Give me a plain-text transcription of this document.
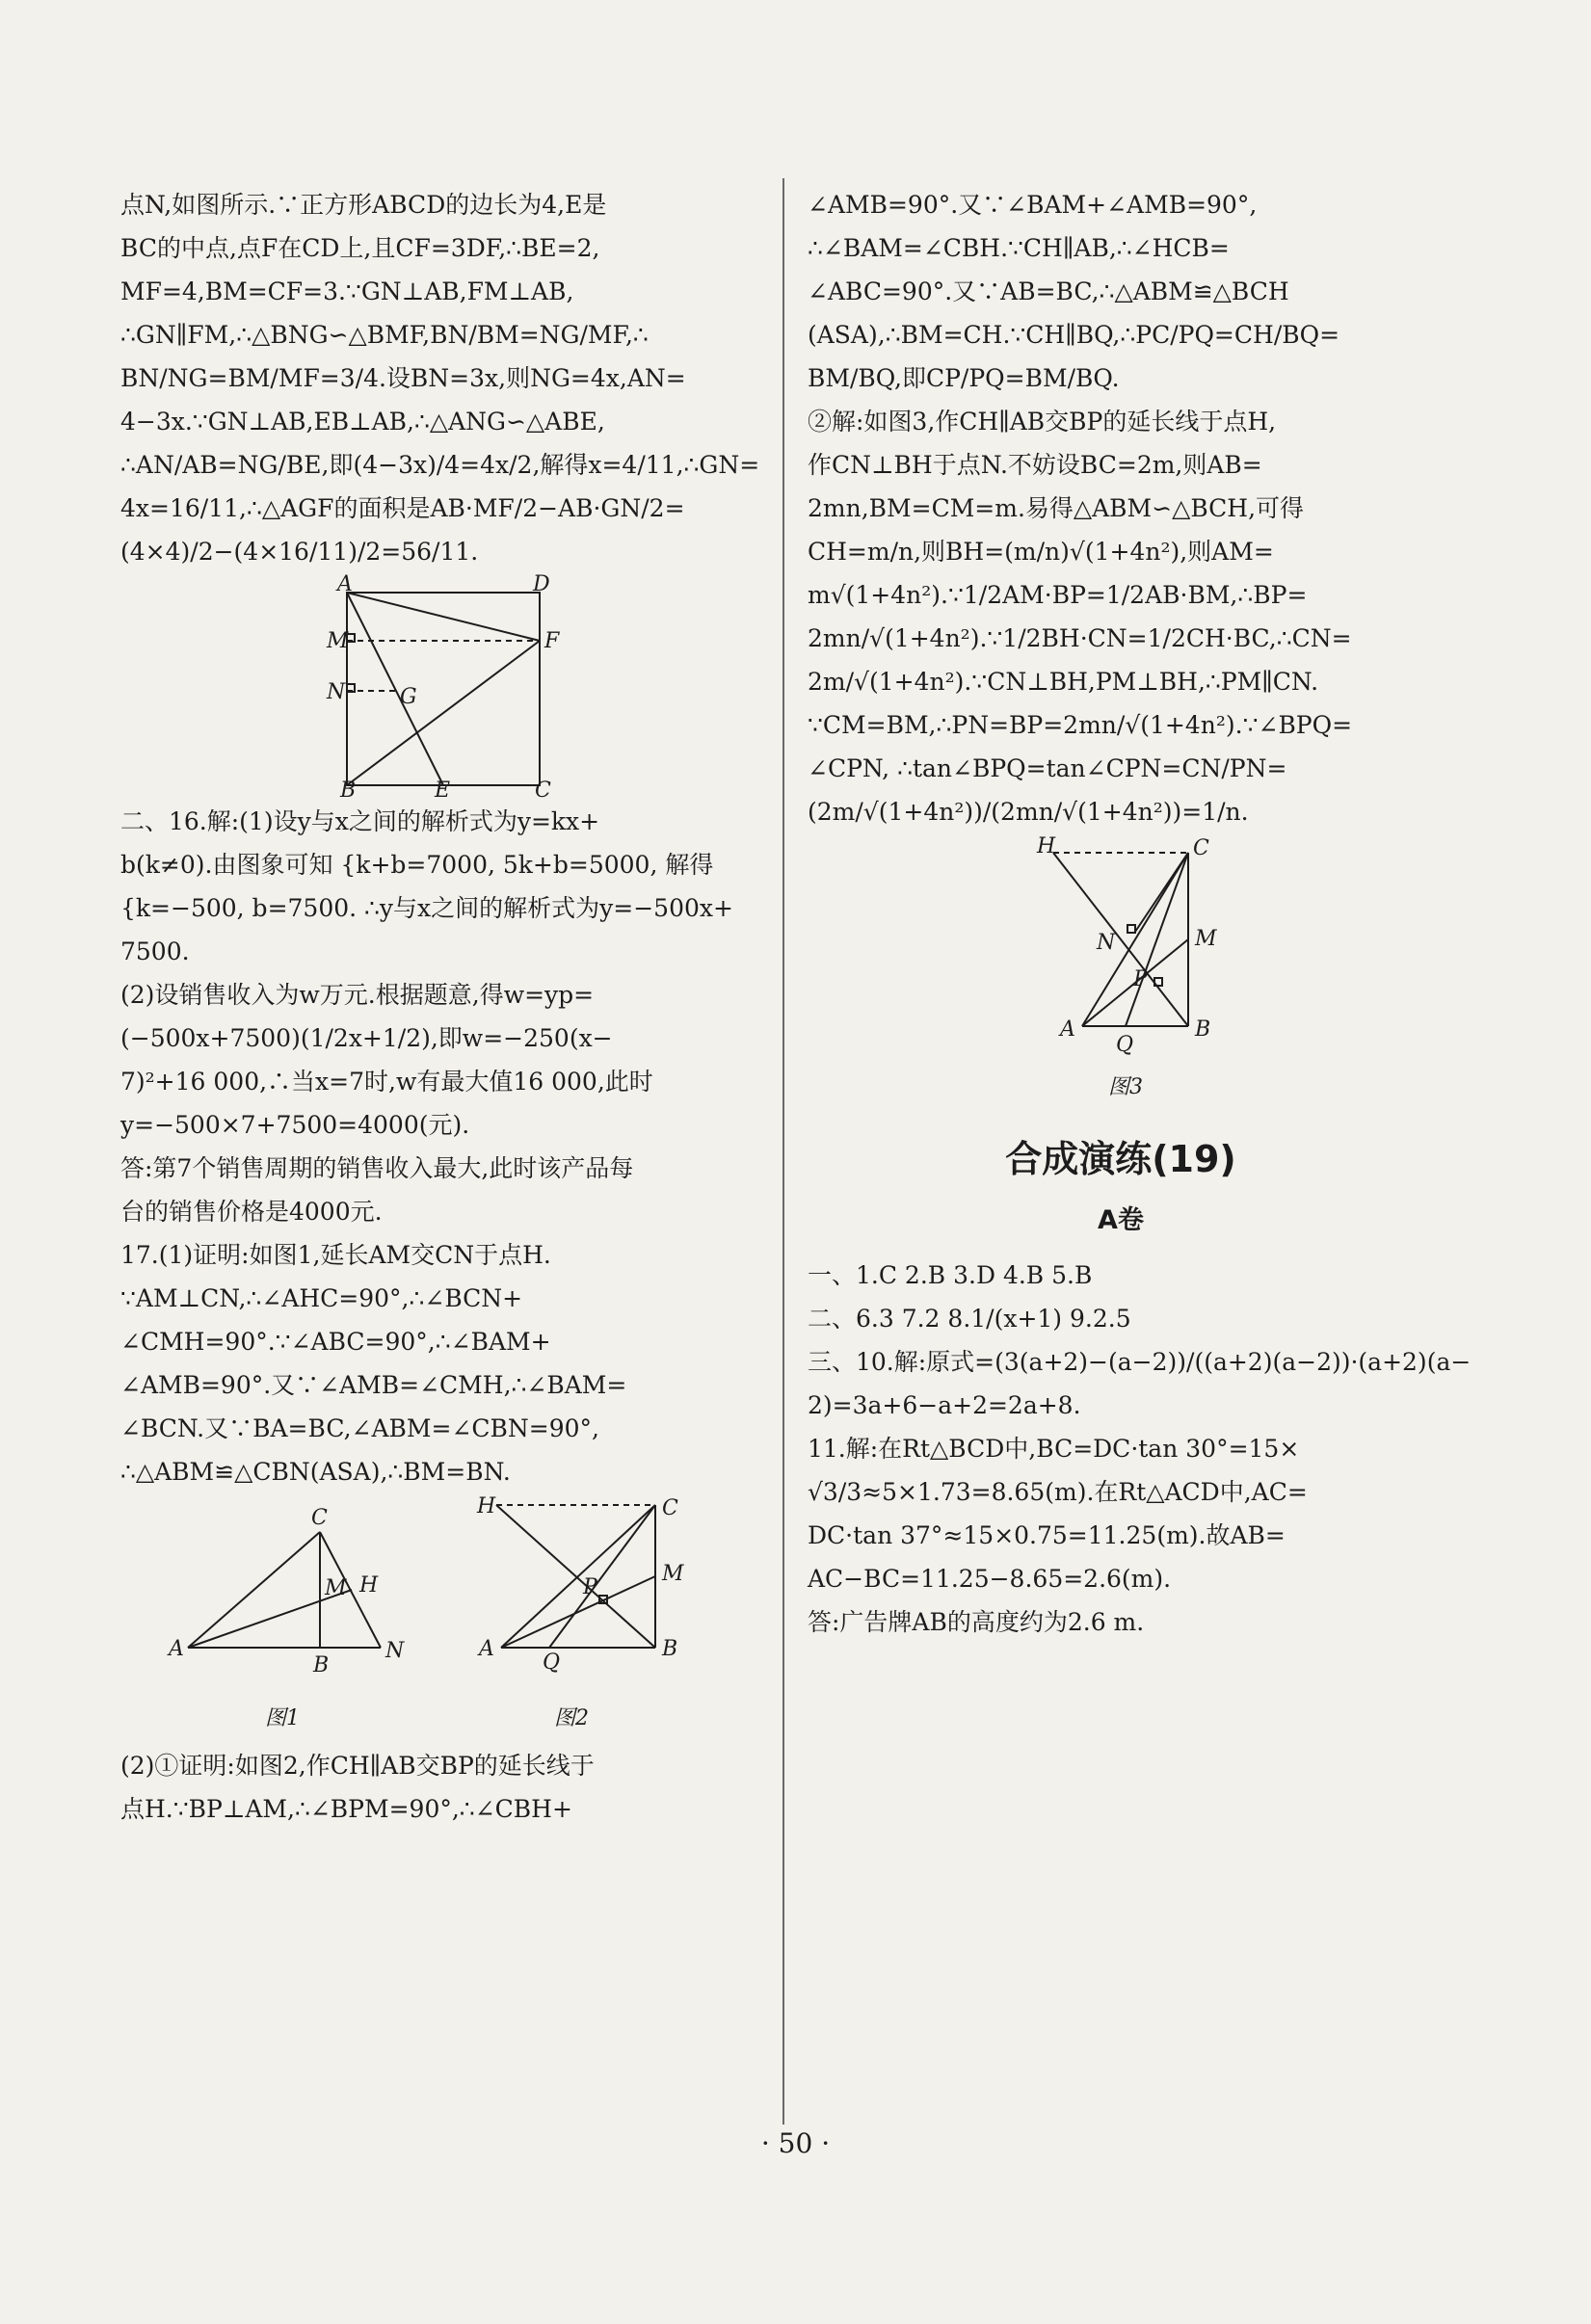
点N,如图所示.∵正方形ABCD的边长为4,E是
BC的中点,点F在CD上,且CF=3DF,∴BE=2,
MF=4,BM=CF=3.∵GN⊥AB,FM⊥AB,
∴GN∥FM,∴△BNG∽△BMF,BN/BM=NG/MF,∴
BN/NG=BM/MF=3/4.设BN=3x,则NG=4x,AN=
4−3x.∵GN⊥AB,EB⊥AB,∴△ANG∽△ABE,
∴AN/AB=NG/BE,即(4−3x)/4=4x/2,解得x=4/11,∴GN=
4x=16/11,∴△AGF的面积是AB·MF/2−AB·GN/2=
(4×4)/2−(4×16/11)/2=56/11.
A	D
M	F
N	G
B	E	C
二、16.解:(1)设y与x之间的解析式为y=kx+
b(k≠0).由图象可知 {k+b=7000, 5k+b=5000, 解得
{k=−500, b=7500. ∴y与x之间的解析式为y=−500x+
7500.
(2)设销售收入为w万元.根据题意,得w=yp=
(−500x+7500)(1/2x+1/2),即w=−250(x−
7)²+16 000,∴当x=7时,w有最大值16 000,此时
y=−500×7+7500=4000(元).
答:第7个销售周期的销售收入最大,此时该产品每
台的销售价格是4000元.
17.(1)证明:如图1,延长AM交CN于点H.
∵AM⊥CN,∴∠AHC=90°,∴∠BCN+
∠CMH=90°.∵∠ABC=90°,∴∠BAM+
∠AMB=90°.又∵∠AMB=∠CMH,∴∠BAM=
∠BCN.又∵BA=BC,∠ABM=∠CBN=90°,
∴△ABM≌△CBN(ASA),∴BM=BN.
C
M H
A
B
N
图1
H	C
M
P
A
Q
B
图2
(2)①证明:如图2,作CH∥AB交BP的延长线于
点H.∵BP⊥AM,∴∠BPM=90°,∴∠CBH+
∠AMB=90°.又∵∠BAM+∠AMB=90°,
∴∠BAM=∠CBH.∵CH∥AB,∴∠HCB=
∠ABC=90°.又∵AB=BC,∴△ABM≌△BCH
(ASA),∴BM=CH.∵CH∥BQ,∴PC/PQ=CH/BQ=
BM/BQ,即CP/PQ=BM/BQ.
②解:如图3,作CH∥AB交BP的延长线于点H,
作CN⊥BH于点N.不妨设BC=2m,则AB=
2mn,BM=CM=m.易得△ABM∽△BCH,可得
CH=m/n,则BH=(m/n)√(1+4n²),则AM=
m√(1+4n²).∵1/2AM·BP=1/2AB·BM,∴BP=
2mn/√(1+4n²).∵1/2BH·CN=1/2CH·BC,∴CN=
2m/√(1+4n²).∵CN⊥BH,PM⊥BH,∴PM∥CN.
∵CM=BM,∴PN=BP=2mn/√(1+4n²).∵∠BPQ=
∠CPN, ∴tan∠BPQ=tan∠CPN=CN/PN=
(2m/√(1+4n²))/(2mn/√(1+4n²))=1/n.
H	C
N	M
P
A
Q
B
图3
合成演练(19)
A卷
一、1.C 2.B 3.D 4.B 5.B
二、6.3 7.2 8.1/(x+1) 9.2.5
三、10.解:原式=(3(a+2)−(a−2))/((a+2)(a−2))·(a+2)(a−
2)=3a+6−a+2=2a+8.
11.解:在Rt△BCD中,BC=DC·tan 30°=15×
√3/3≈5×1.73=8.65(m).在Rt△ACD中,AC=
DC·tan 37°≈15×0.75=11.25(m).故AB=
AC−BC=11.25−8.65=2.6(m).
答:广告牌AB的高度约为2.6 m.
· 50 ·
